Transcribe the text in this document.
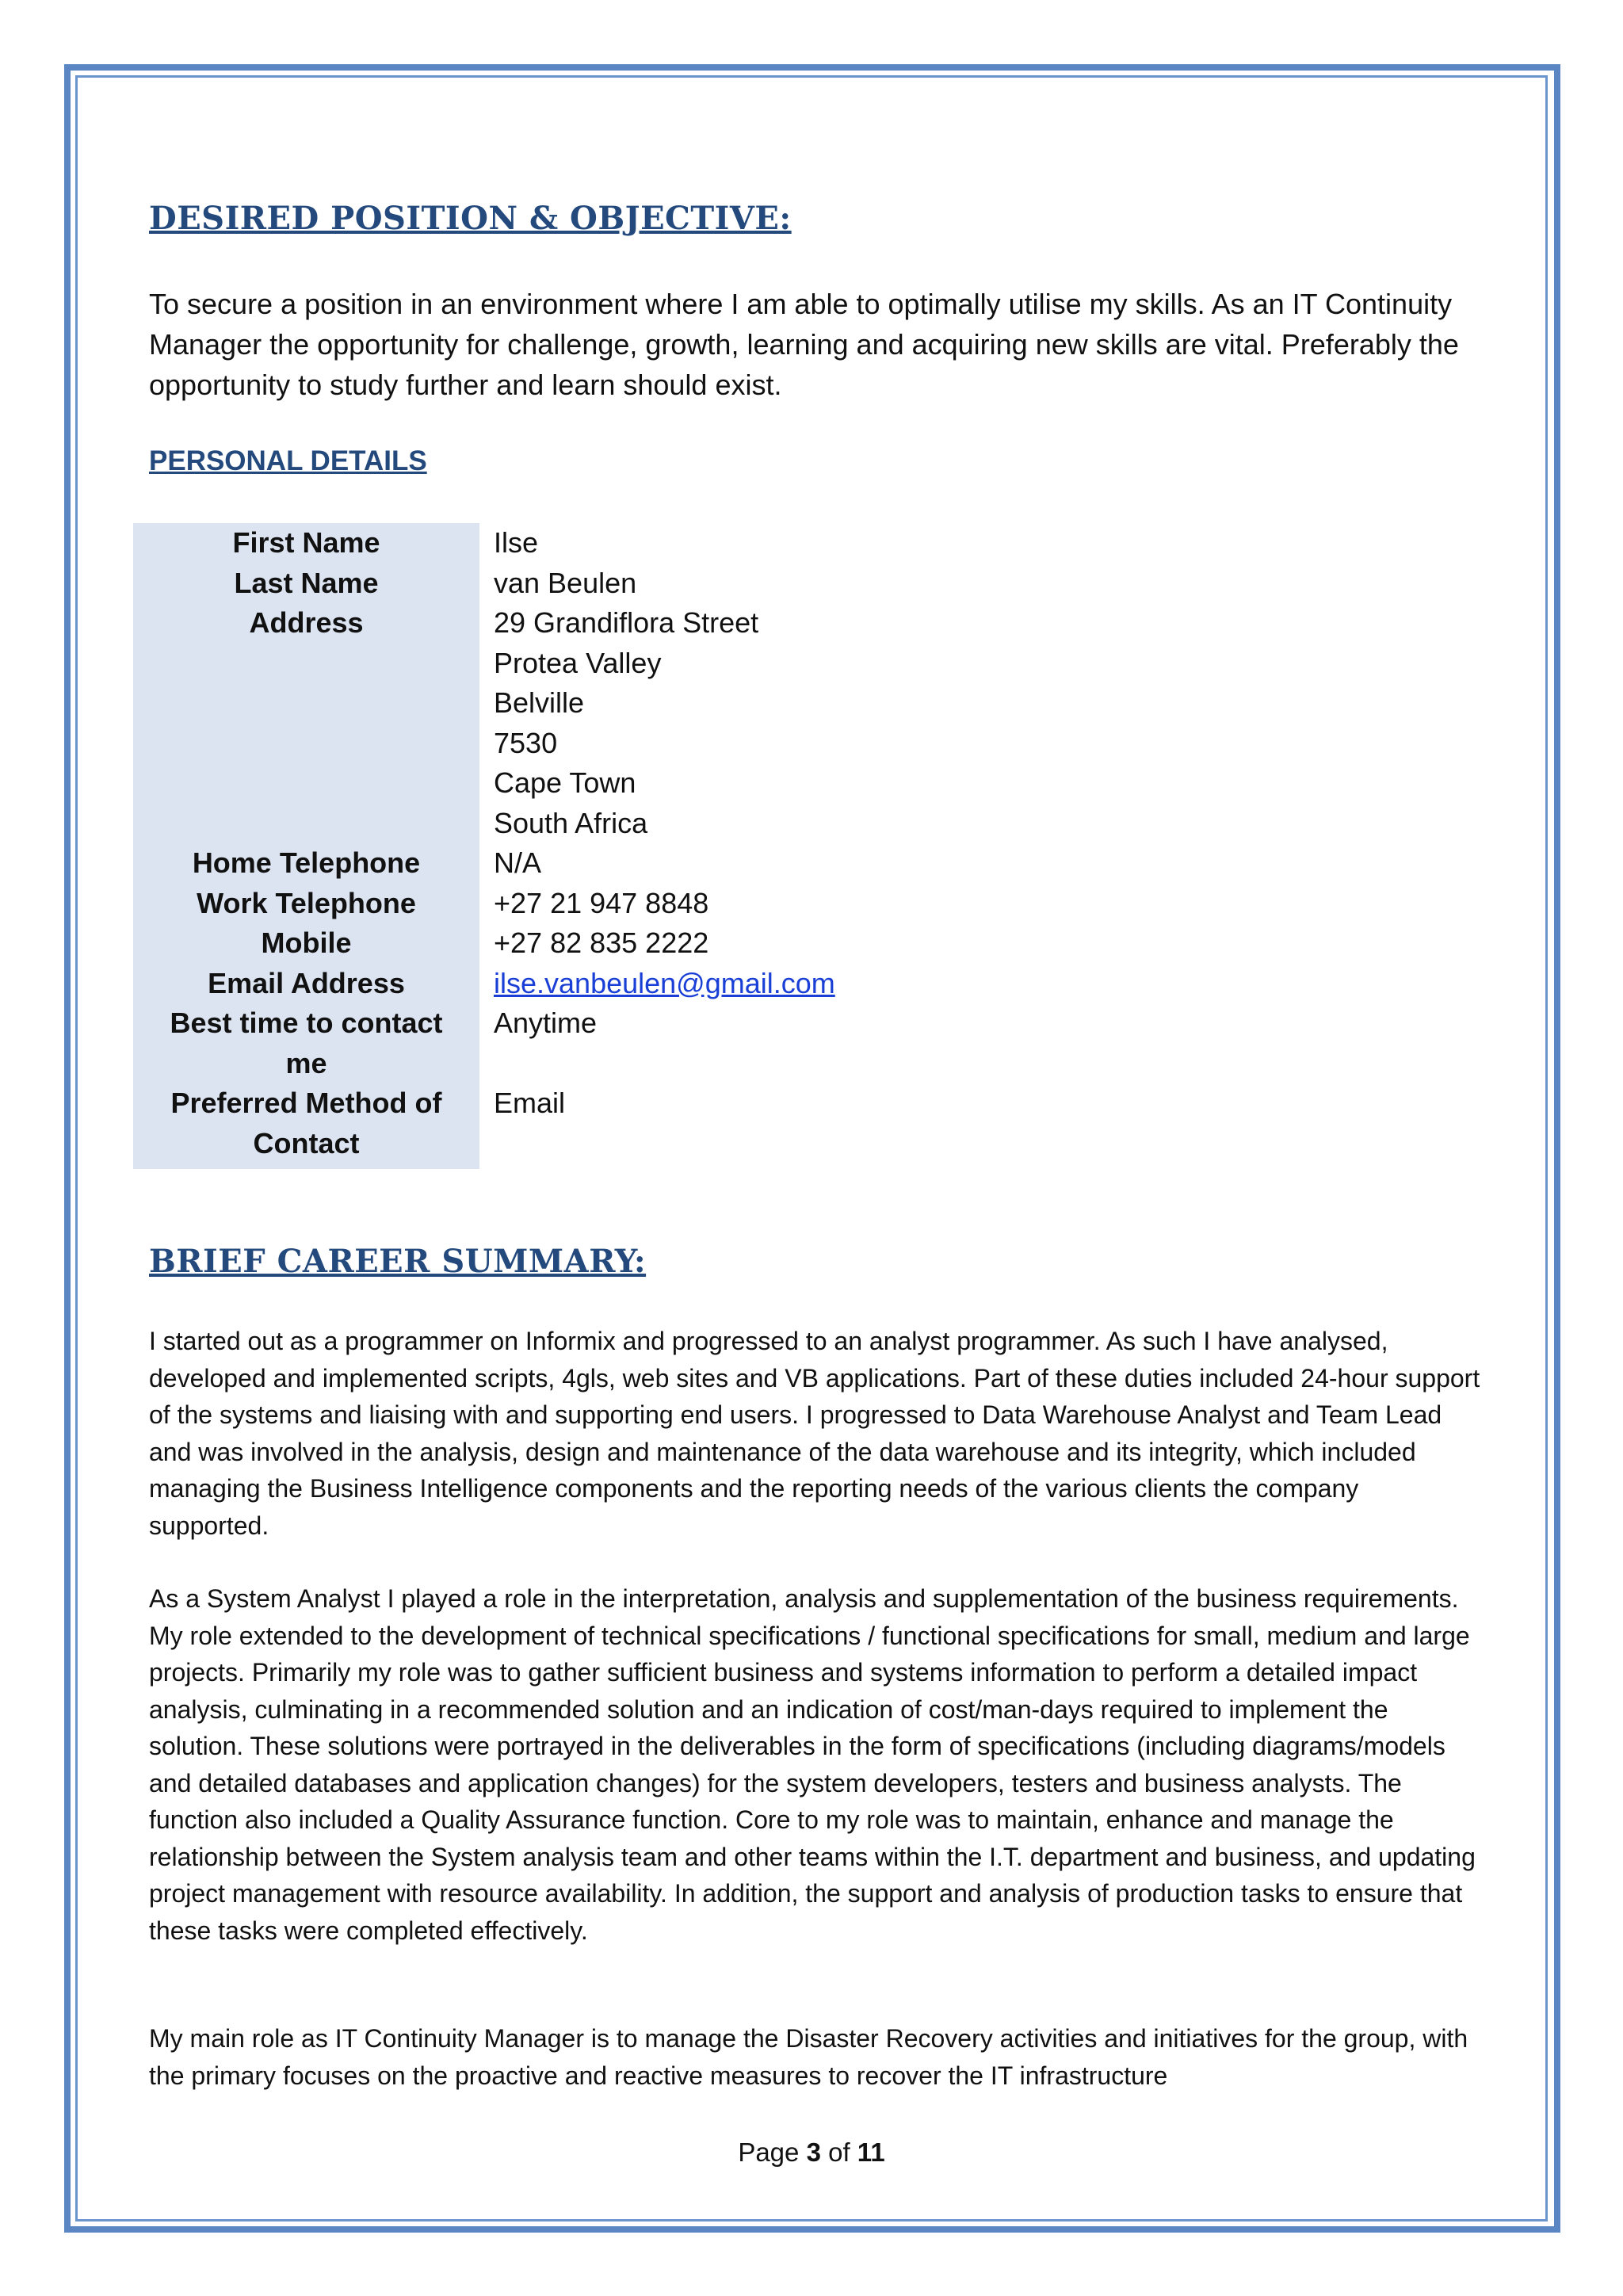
DESIRED POSITION & OBJECTIVE:
To secure a position in an environment where I am able to optimally utilise my skills. As an IT Continuity Manager the opportunity for challenge, growth, learning and acquiring new skills are vital. Preferably the opportunity to study further and learn should exist.
PERSONAL DETAILS
First Name	Ilse
Last Name	van Beulen
Address	29 Grandiflora Street
Protea Valley
Belville
7530
Cape Town
South Africa
Home Telephone	N/A
Work Telephone	+27 21 947 8848
Mobile	+27 82 835 2222
Email Address	ilse.vanbeulen@gmail.com
Best time to contact	Anytime
me
Preferred Method of	Email
Contact
BRIEF CAREER SUMMARY:
I started out as a programmer on Informix and progressed to an analyst programmer. As such I have analysed, developed and implemented scripts, 4gls, web sites and VB applications. Part of these duties included 24-hour support of the systems and liaising with and supporting end users. I progressed to Data Warehouse Analyst and Team Lead and was involved in the analysis, design and maintenance of the data warehouse and its integrity, which included managing the Business Intelligence components and the reporting needs of the various clients the company supported.
As a System Analyst I played a role in the interpretation, analysis and supplementation of the business requirements. My role extended to the development of technical specifications / functional specifications for small, medium and large projects. Primarily my role was to gather sufficient business and systems information to perform a detailed impact analysis, culminating in a recommended solution and an indication of cost/man-days required to implement the solution. These solutions were portrayed in the deliverables in the form of specifications (including diagrams/models and detailed databases and application changes) for the system developers, testers and business analysts. The function also included a Quality Assurance function. Core to my role was to maintain, enhance and manage the relationship between the System analysis team and other teams within the I.T. department and business, and updating project management with resource availability. In addition, the support and analysis of production tasks to ensure that these tasks were completed effectively.
My main role as IT Continuity Manager is to manage the Disaster Recovery activities and initiatives for the group, with the primary focuses on the proactive and reactive measures to recover the IT infrastructure
Page 3 of 11
